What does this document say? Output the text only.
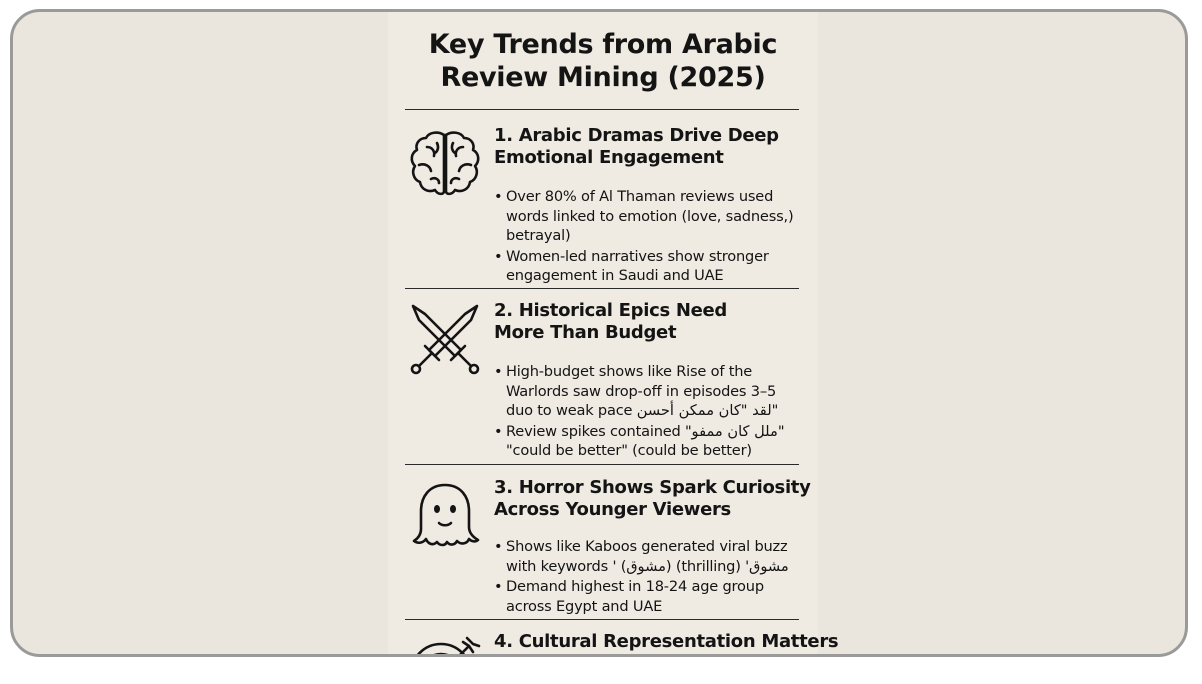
Key Trends from Arabic
Review Mining (2025)
1. Arabic Dramas Drive Deep
Emotional Engagement
• Over 80% of Al Thaman reviews used
words linked to emotion (love, sadness,)
betrayal)
• Women-led narratives show stronger
engagement in Saudi and UAE
2. Historical Epics Need
More Than Budget
• High-budget shows like Rise of the
Warlords saw drop-off in episodes 3–5
duo to weak pace لقد "كان ممكن أحسن"
• Review spikes contained "ملل كان ممفو"
"could be better" (could be better)
3. Horror Shows Spark Curiosity
Across Younger Viewers
• Shows like Kaboos generated viral buzz
with keywords ' (مشوق) (thrilling) 'مشوق
• Demand highest in 18-24 age group
across Egypt and UAE
4. Cultural Representation Matters
